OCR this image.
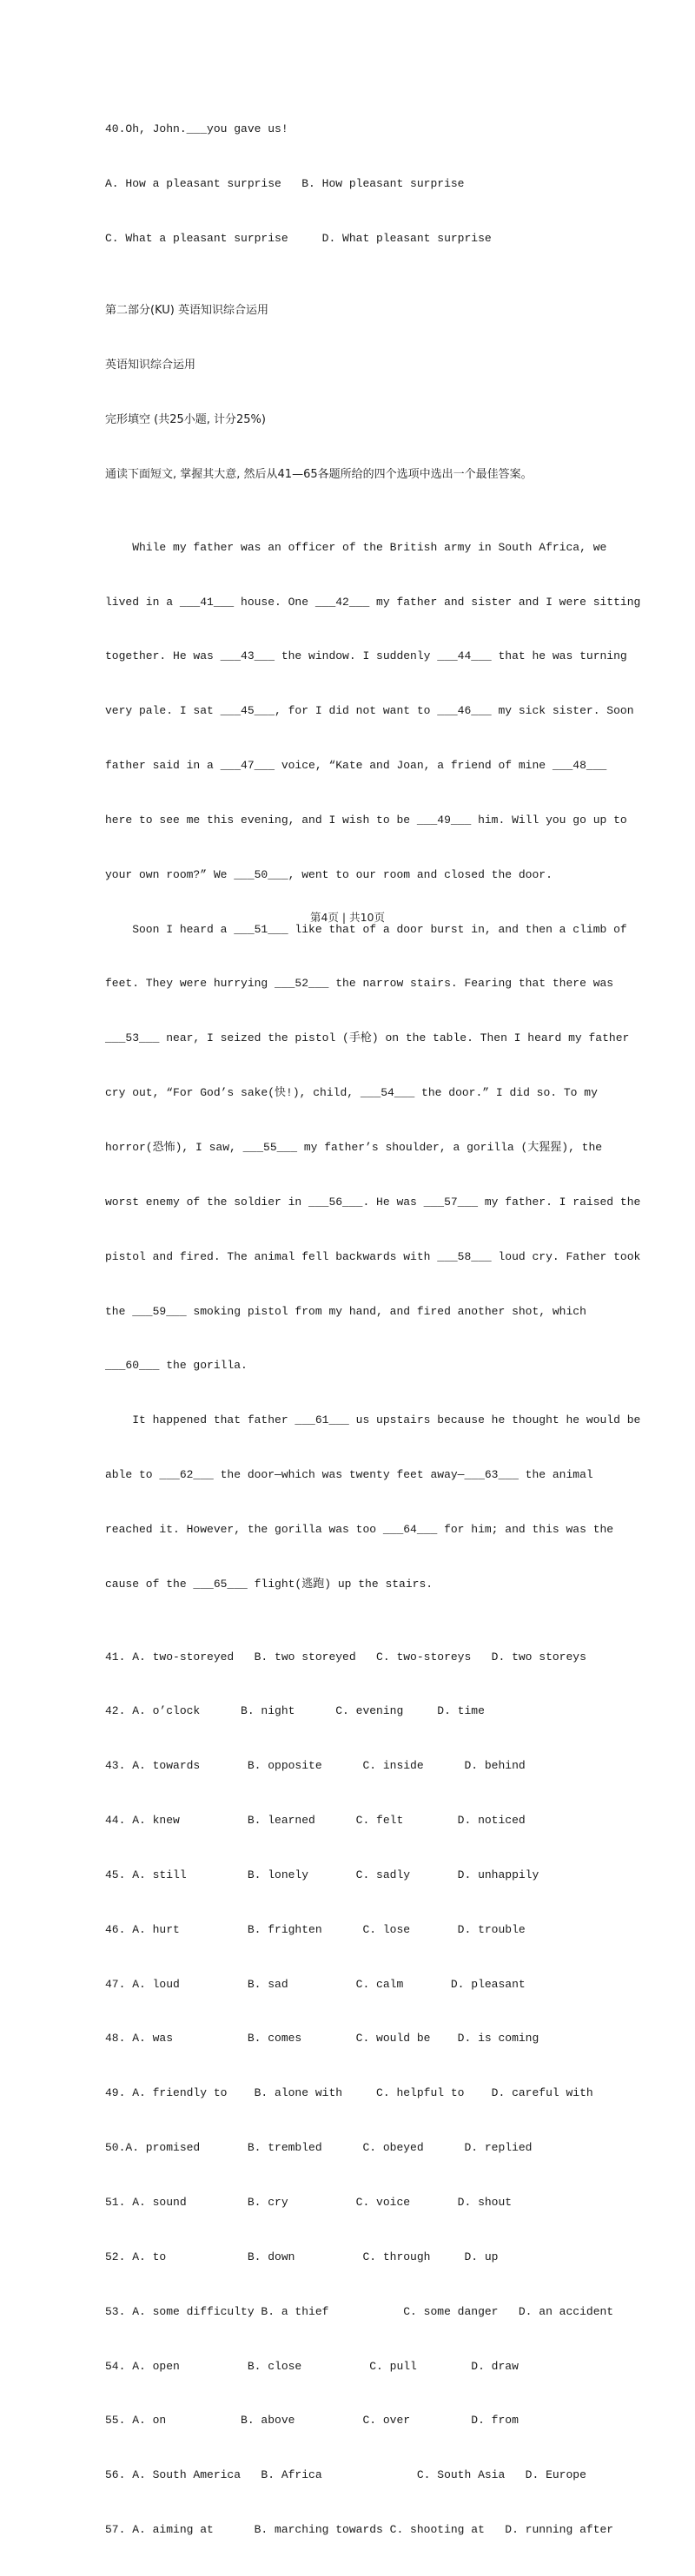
40.Oh, John.___you gave us!

A. How a pleasant surprise   B. How pleasant surprise

C. What a pleasant surprise     D. What pleasant surprise

第二部分(KU) 英语知识综合运用

英语知识综合运用

完形填空 (共25小题, 计分25%)

通读下面短文, 掌握其大意, 然后从41—65各题所给的四个选项中选出一个最佳答案。

While my father was an officer of the British army in South Africa, we

lived in a ___41___ house. One ___42___ my father and sister and I were sitting

together. He was ___43___ the window. I suddenly ___44___ that he was turning

very pale. I sat ___45___, for I did not want to ___46___ my sick sister. Soon

father said in a ___47___ voice, “Kate and Joan, a friend of mine ___48___

here to see me this evening, and I wish to be ___49___ him. Will you go up to

your own room?” We ___50___, went to our room and closed the door.

Soon I heard a ___51___ like that of a door burst in, and then a climb of

feet. They were hurrying ___52___ the narrow stairs. Fearing that there was

___53___ near, I seized the pistol (手枪) on the table. Then I heard my father

cry out, “For God’s sake(快!), child, ___54___ the door.” I did so. To my

horror(恐怖), I saw, ___55___ my father’s shoulder, a gorilla (大猩猩), the

worst enemy of the soldier in ___56___. He was ___57___ my father. I raised the

pistol and fired. The animal fell backwards with ___58___ loud cry. Father took

the ___59___ smoking pistol from my hand, and fired another shot, which

___60___ the gorilla.

It happened that father ___61___ us upstairs because he thought he would be

able to ___62___ the door—which was twenty feet away—___63___ the animal

reached it. However, the gorilla was too ___64___ for him; and this was the

cause of the ___65___ flight(逃跑) up the stairs.

41. A. two-storeyed   B. two storeyed   C. two-storeys   D. two storeys

42. A. o’clock      B. night      C. evening     D. time

43. A. towards       B. opposite      C. inside      D. behind

44. A. knew          B. learned      C. felt        D. noticed

45. A. still         B. lonely       C. sadly       D. unhappily

46. A. hurt          B. frighten      C. lose       D. trouble

47. A. loud          B. sad          C. calm       D. pleasant

48. A. was           B. comes        C. would be    D. is coming

49. A. friendly to    B. alone with     C. helpful to    D. careful with

50.A. promised       B. trembled      C. obeyed      D. replied

51. A. sound         B. cry          C. voice       D. shout

52. A. to            B. down          C. through     D. up

53. A. some difficulty B. a thief           C. some danger   D. an accident

54. A. open          B. close          C. pull        D. draw

55. A. on           B. above          C. over         D. from

56. A. South America   B. Africa              C. South Asia   D. Europe

57. A. aiming at      B. marching towards C. shooting at   D. running after

第4页 | 共10页
